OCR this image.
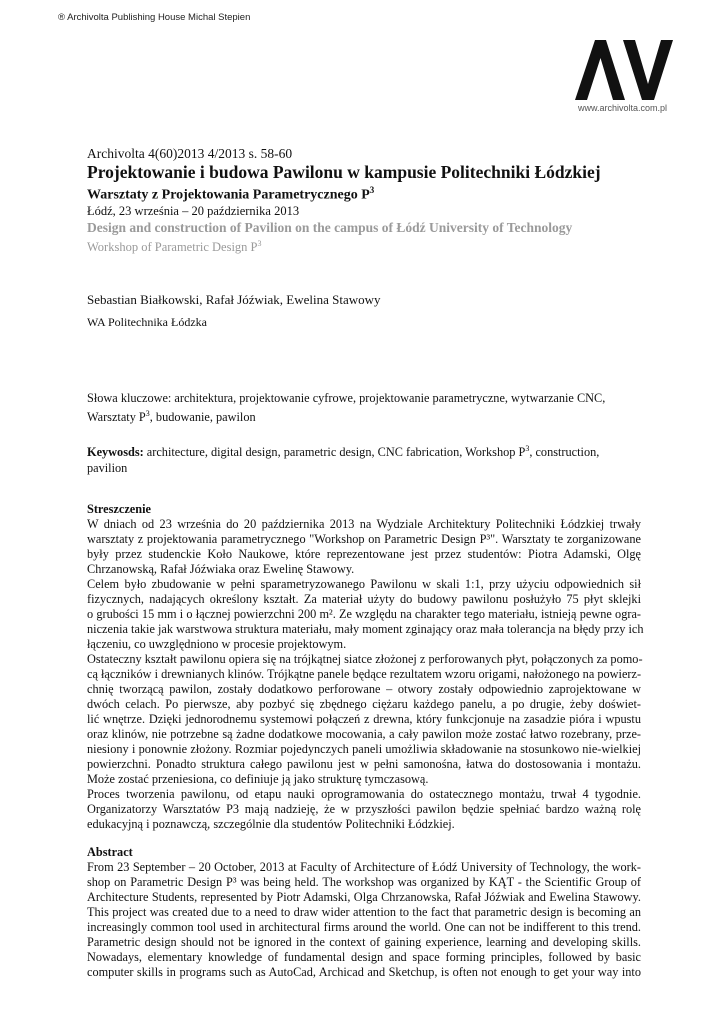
® Archivolta Publishing House Michal Stepien
www.archivolta.com.pl
Archivolta 4(60)2013 4/2013 s. 58-60
Projektowanie i budowa Pawilonu w kampusie Politechniki Łódzkiej
Warsztaty z Projektowania Parametrycznego $P^3$
Łódź, 23 września – 20 października 2013
Design and construction of Pavilion on the campus of Łódź University of Technology
Workshop of Parametric Design $P^3$
Sebastian Białkowski, Rafał Jóźwiak, Ewelina Stawowy
WA Politechnika Łódzka
Słowa kluczowe: architektura, projektowanie cyfrowe, projektowanie parametryczne, wytwarzanie CNC,
Warsztaty $P^3$, budowanie, pawilon
Keywosds: architecture, digital design, parametric design, CNC fabrication, Workshop $P^3$, construction,
pavilion
Streszczenie
W dniach od 23 września do 20 października 2013 na Wydziale Architektury Politechniki Łódzkiej trwały
warsztaty z projektowania parametrycznego "Workshop on Parametric Design P³". Warsztaty te zorganizowane
były przez studenckie Koło Naukowe, które reprezentowane jest przez studentów: Piotra Adamski, Olgę
Chrzanowską, Rafał Jóźwiaka oraz Ewelinę Stawowy.
Celem było zbudowanie w pełni sparametryzowanego Pawilonu w skali 1:1, przy użyciu odpowiednich sił
fizycznych, nadających określony kształt. Za materiał użyty do budowy pawilonu posłużyło 75 płyt sklejki
o grubości 15 mm i o łącznej powierzchni 200 m². Ze względu na charakter tego materiału, istnieją pewne ogra-
niczenia takie jak warstwowa struktura materiału, mały moment zginający oraz mała tolerancja na błędy przy ich
łączeniu, co uwzględniono w procesie projektowym.
Ostateczny kształt pawilonu opiera się na trójkątnej siatce złożonej z perforowanych płyt, połączonych za pomo-
cą łączników i drewnianych klinów. Trójkątne panele będące rezultatem wzoru origami, nałożonego na powierz-
chnię tworzącą pawilon, zostały dodatkowo perforowane – otwory zostały odpowiednio zaprojektowane w
dwóch celach. Po pierwsze, aby pozbyć się zbędnego ciężaru każdego panelu, a po drugie, żeby doświet-
lić wnętrze. Dzięki jednorodnemu systemowi połączeń z drewna, który funkcjonuje na zasadzie pióra i wpustu
oraz klinów, nie potrzebne są żadne dodatkowe mocowania, a cały pawilon może zostać łatwo rozebrany, prze-
niesiony i ponownie złożony. Rozmiar pojedynczych paneli umożliwia składowanie na stosunkowo nie-wielkiej
powierzchni. Ponadto struktura całego pawilonu jest w pełni samonośna, łatwa do dostosowania i montażu.
Może zostać przeniesiona, co definiuje ją jako strukturę tymczasową.
Proces tworzenia pawilonu, od etapu nauki oprogramowania do ostatecznego montażu, trwał 4 tygodnie.
Organizatorzy Warsztatów P3 mają nadzieję, że w przyszłości pawilon będzie spełniać bardzo ważną rolę
edukacyjną i poznawczą, szczególnie dla studentów Politechniki Łódzkiej.
Abstract
From 23 September – 20 October, 2013 at Faculty of Architecture of Łódź University of Technology, the work-
shop on Parametric Design P³ was being held. The workshop was organized by KĄT - the Scientific Group of
Architecture Students, represented by Piotr Adamski, Olga Chrzanowska, Rafał Jóźwiak and Ewelina Stawowy.
This project was created due to a need to draw wider attention to the fact that parametric design is becoming an
increasingly common tool used in architectural firms around the world. One can not be indifferent to this trend.
Parametric design should not be ignored in the context of gaining experience, learning and developing skills.
Nowadays, elementary knowledge of fundamental design and space forming principles, followed by basic
computer skills in programs such as AutoCad, Archicad and Sketchup, is often not enough to get your way into
